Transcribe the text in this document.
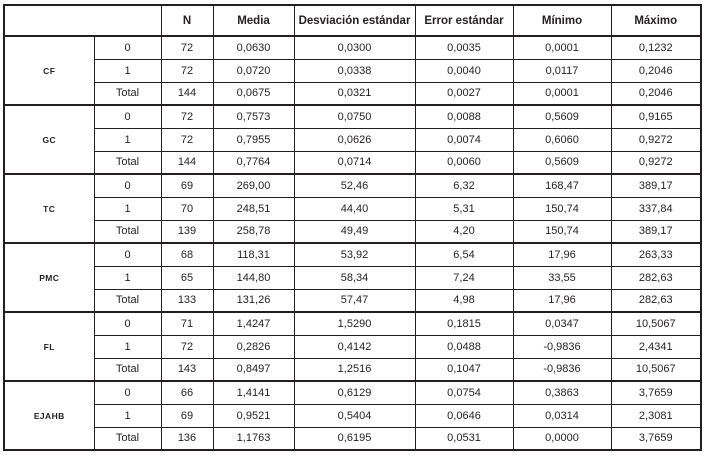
		N	Media	Desviación estándar	Error estándar	Mínimo	Máximo
CF	0	72	0,0630	0,0300	0,0035	0,0001	0,1232
	1	72	0,0720	0,0338	0,0040	0,0117	0,2046
	Total	144	0,0675	0,0321	0,0027	0,0001	0,2046
GC	0	72	0,7573	0,0750	0,0088	0,5609	0,9165
	1	72	0,7955	0,0626	0,0074	0,6060	0,9272
	Total	144	0,7764	0,0714	0,0060	0,5609	0,9272
TC	0	69	269,00	52,46	6,32	168,47	389,17
	1	70	248,51	44,40	5,31	150,74	337,84
	Total	139	258,78	49,49	4,20	150,74	389,17
PMC	0	68	118,31	53,92	6,54	17,96	263,33
	1	65	144,80	58,34	7,24	33,55	282,63
	Total	133	131,26	57,47	4,98	17,96	282,63
FL	0	71	1,4247	1,5290	0,1815	0,0347	10,5067
	1	72	0,2826	0,4142	0,0488	-0,9836	2,4341
	Total	143	0,8497	1,2516	0,1047	-0,9836	10,5067
EJAHB	0	66	1,4141	0,6129	0,0754	0,3863	3,7659
	1	69	0,9521	0,5404	0,0646	0,0314	2,3081
	Total	136	1,1763	0,6195	0,0531	0,0000	3,7659
